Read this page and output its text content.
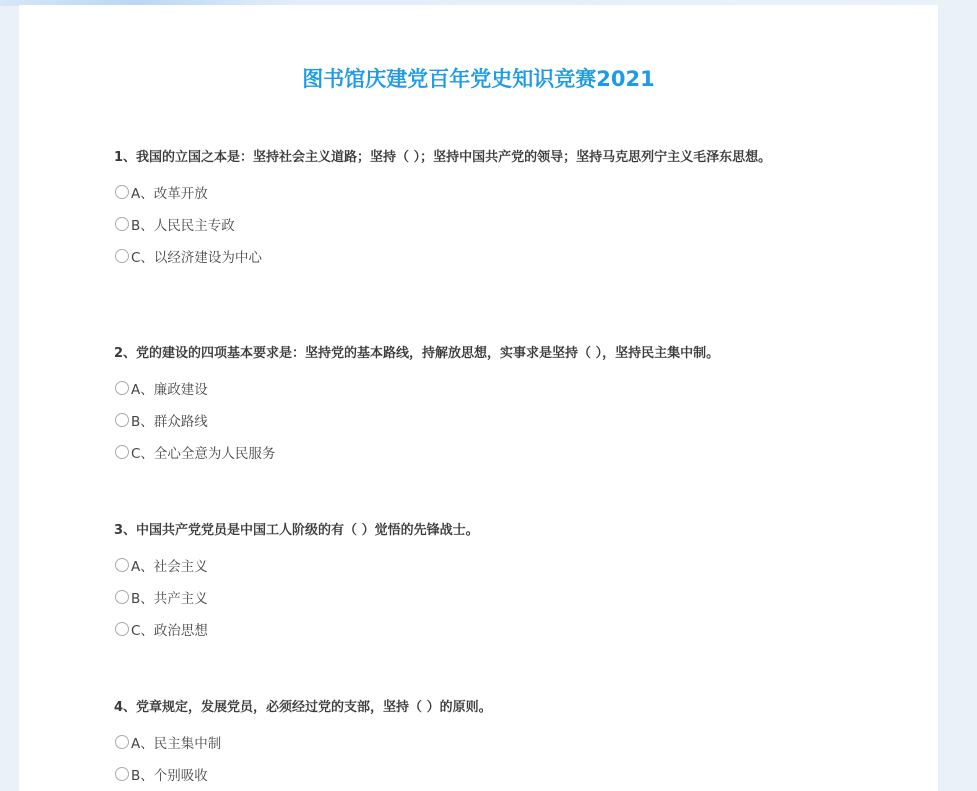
图书馆庆建党百年党史知识竞赛2021
1、我国的立国之本是：坚持社会主义道路；坚持（ ）；坚持中国共产党的领导；坚持马克思列宁主义毛泽东思想。
A、改革开放
B、人民民主专政
C、以经济建设为中心
2、党的建设的四项基本要求是：坚持党的基本路线，持解放思想，实事求是坚持（ ），坚持民主集中制。
A、廉政建设
B、群众路线
C、全心全意为人民服务
3、中国共产党党员是中国工人阶级的有（ ）觉悟的先锋战士。
A、社会主义
B、共产主义
C、政治思想
4、党章规定，发展党员，必须经过党的支部，坚持（ ）的原则。
A、民主集中制
B、个别吸收
